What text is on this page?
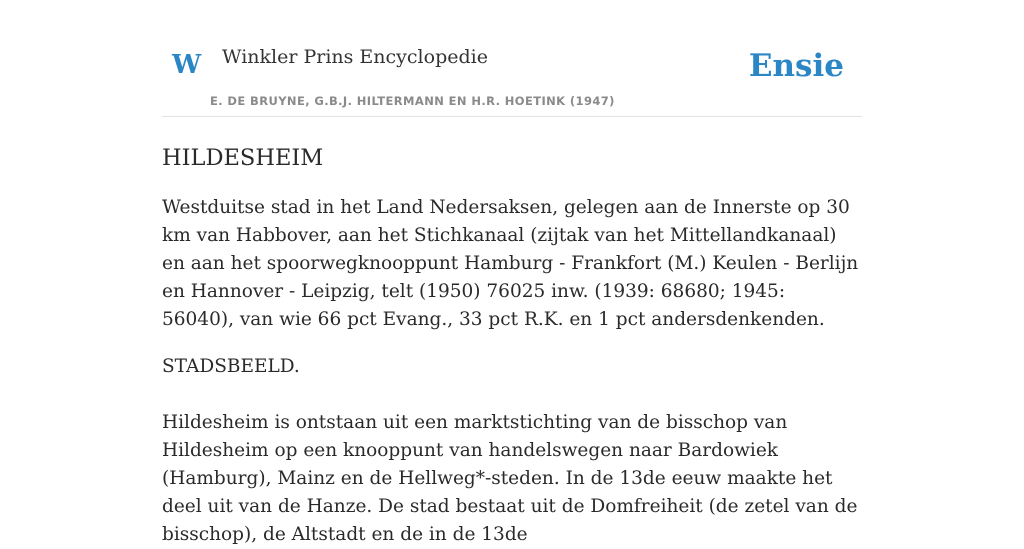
W Winkler Prins Encyclopedie
E. DE BRUYNE, G.B.J. HILTERMANN EN H.R. HOETINK (1947)
Ensie
HILDESHEIM

Westduitse stad in het Land Nedersaksen, gelegen aan de Innerste op 30 km van Habbover, aan het Stichkanaal (zijtak van het Mittellandkanaal) en aan het spoorwegknooppunt Hamburg - Frankfort (M.) Keulen - Berlijn en Hannover - Leipzig, telt (1950) 76025 inw. (1939: 68680; 1945: 56040), van wie 66 pct Evang., 33 pct R.K. en 1 pct andersdenkenden.

STADSBEELD.

Hildesheim is ontstaan uit een marktstichting van de bisschop van Hildesheim op een knooppunt van handelswegen naar Bardowiek (Hamburg), Mainz en de Hellweg*-steden. In de 13de eeuw maakte het deel uit van de Hanze. De stad bestaat uit de Domfreiheit (de zetel van de bisschop), de Altstadt en de in de 13de
